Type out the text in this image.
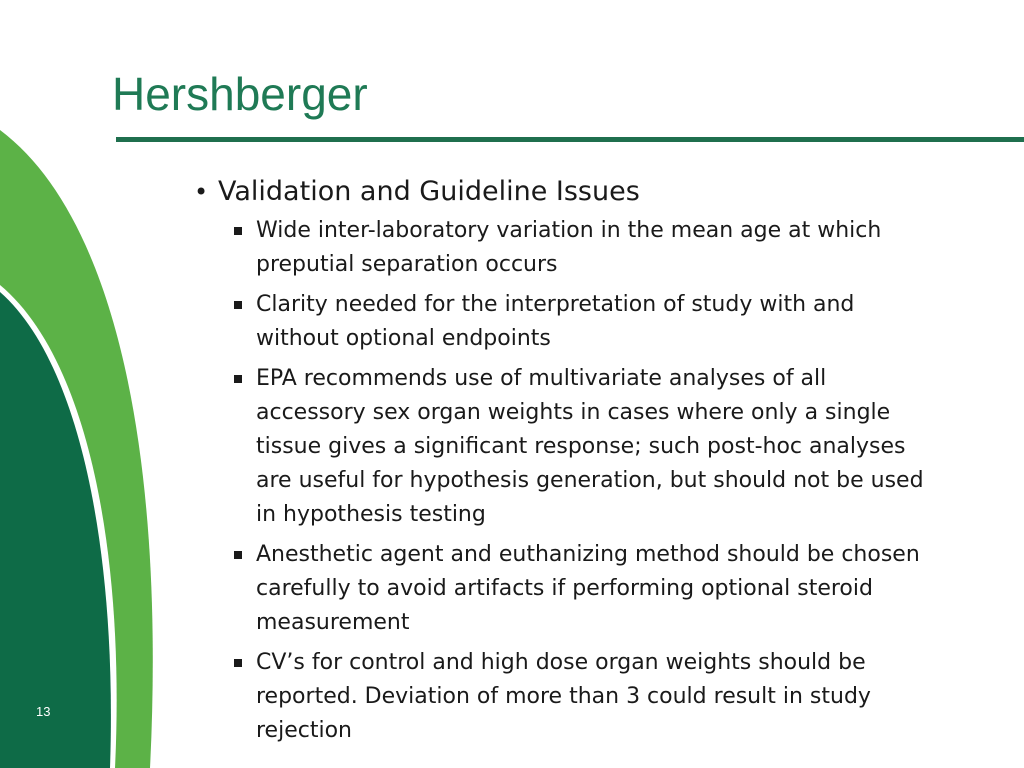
Hershberger
• Validation and Guideline Issues
Wide inter-laboratory variation in the mean age at which preputial separation occurs
Clarity needed for the interpretation of study with and without optional endpoints
EPA recommends use of multivariate analyses of all accessory sex organ weights in cases where only a single tissue gives a significant response; such post-hoc analyses are useful for hypothesis generation, but should not be used in hypothesis testing
Anesthetic agent and euthanizing method should be chosen carefully to avoid artifacts if performing optional steroid measurement
CV’s for control and high dose organ weights should be reported. Deviation of more than 3 could result in study rejection
13
